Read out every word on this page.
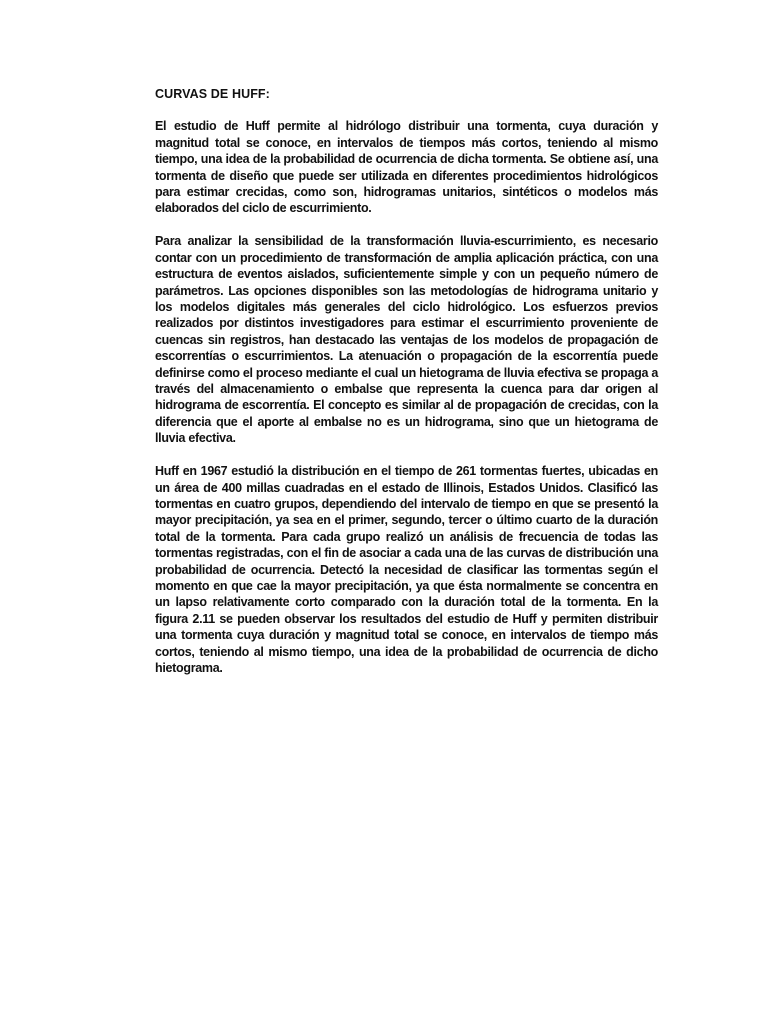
CURVAS DE HUFF:

El estudio de Huff permite al hidrólogo distribuir una tormenta, cuya duración y magnitud total se conoce, en intervalos de tiempos más cortos, teniendo al mismo tiempo, una idea de la probabilidad de ocurrencia de dicha tormenta. Se obtiene así, una tormenta de diseño que puede ser utilizada en diferentes procedimientos hidrológicos para estimar crecidas, como son, hidrogramas unitarios, sintéticos o modelos más elaborados del ciclo de escurrimiento.

Para analizar la sensibilidad de la transformación lluvia-escurrimiento, es necesario contar con un procedimiento de transformación de amplia aplicación práctica, con una estructura de eventos aislados, suficientemente simple y con un pequeño número de parámetros. Las opciones disponibles son las metodologías de hidrograma unitario y los modelos digitales más generales del ciclo hidrológico. Los esfuerzos previos realizados por distintos investigadores para estimar el escurrimiento proveniente de cuencas sin registros, han destacado las ventajas de los modelos de propagación de escorrentías o escurrimientos. La atenuación o propagación de la escorrentía puede definirse como el proceso mediante el cual un hietograma de lluvia efectiva se propaga a través del almacenamiento o embalse que representa la cuenca para dar origen al hidrograma de escorrentía. El concepto es similar al de propagación de crecidas, con la diferencia que el aporte al embalse no es un hidrograma, sino que un hietograma de lluvia efectiva.

Huff en 1967 estudió la distribución en el tiempo de 261 tormentas fuertes, ubicadas en un área de 400 millas cuadradas en el estado de Illinois, Estados Unidos. Clasificó las tormentas en cuatro grupos, dependiendo del intervalo de tiempo en que se presentó la mayor precipitación, ya sea en el primer, segundo, tercer o último cuarto de la duración total de la tormenta. Para cada grupo realizó un análisis de frecuencia de todas las tormentas registradas, con el fin de asociar a cada una de las curvas de distribución una probabilidad de ocurrencia. Detectó la necesidad de clasificar las tormentas según el momento en que cae la mayor precipitación, ya que ésta normalmente se concentra en un lapso relativamente corto comparado con la duración total de la tormenta. En la figura 2.11 se pueden observar los resultados del estudio de Huff y permiten distribuir una tormenta cuya duración y magnitud total se conoce, en intervalos de tiempo más cortos, teniendo al mismo tiempo, una idea de la probabilidad de ocurrencia de dicho hietograma.
